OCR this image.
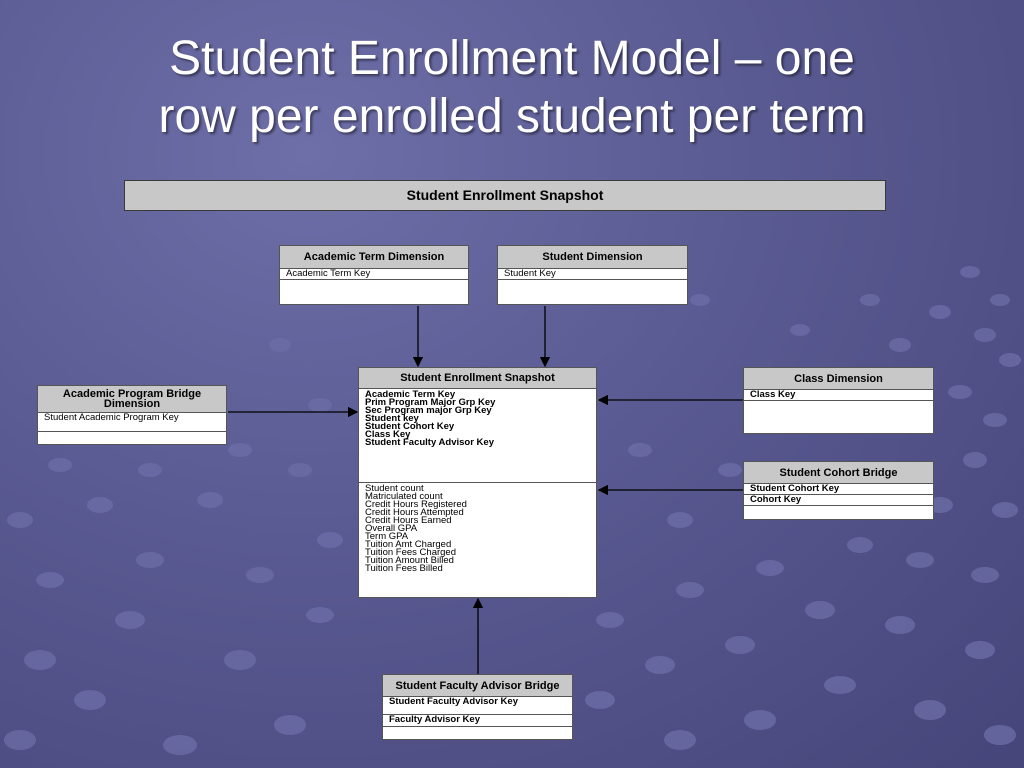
Student Enrollment Model – one
row per enrolled student per term
Student Enrollment Snapshot
Academic Term Dimension
Academic Term Key
Student Dimension
Student Key
Academic Program Bridge Dimension
Student Academic Program Key
Student Enrollment Snapshot
Academic Term Key
Prim Program Major Grp Key
Sec Program major Grp Key
Student key
Student Cohort Key
Class Key
Student Faculty Advisor Key
Student count
Matriculated count
Credit Hours Registered
Credit Hours Attempted
Credit Hours Earned
Overall GPA
Term GPA
Tuition Amt Charged
Tuition Fees Charged
Tuition Amount Billed
Tuition Fees Billed
Class Dimension
Class Key
Student Cohort Bridge
Student Cohort Key
Cohort Key
Student Faculty Advisor Bridge
Student Faculty Advisor Key
Faculty Advisor Key
